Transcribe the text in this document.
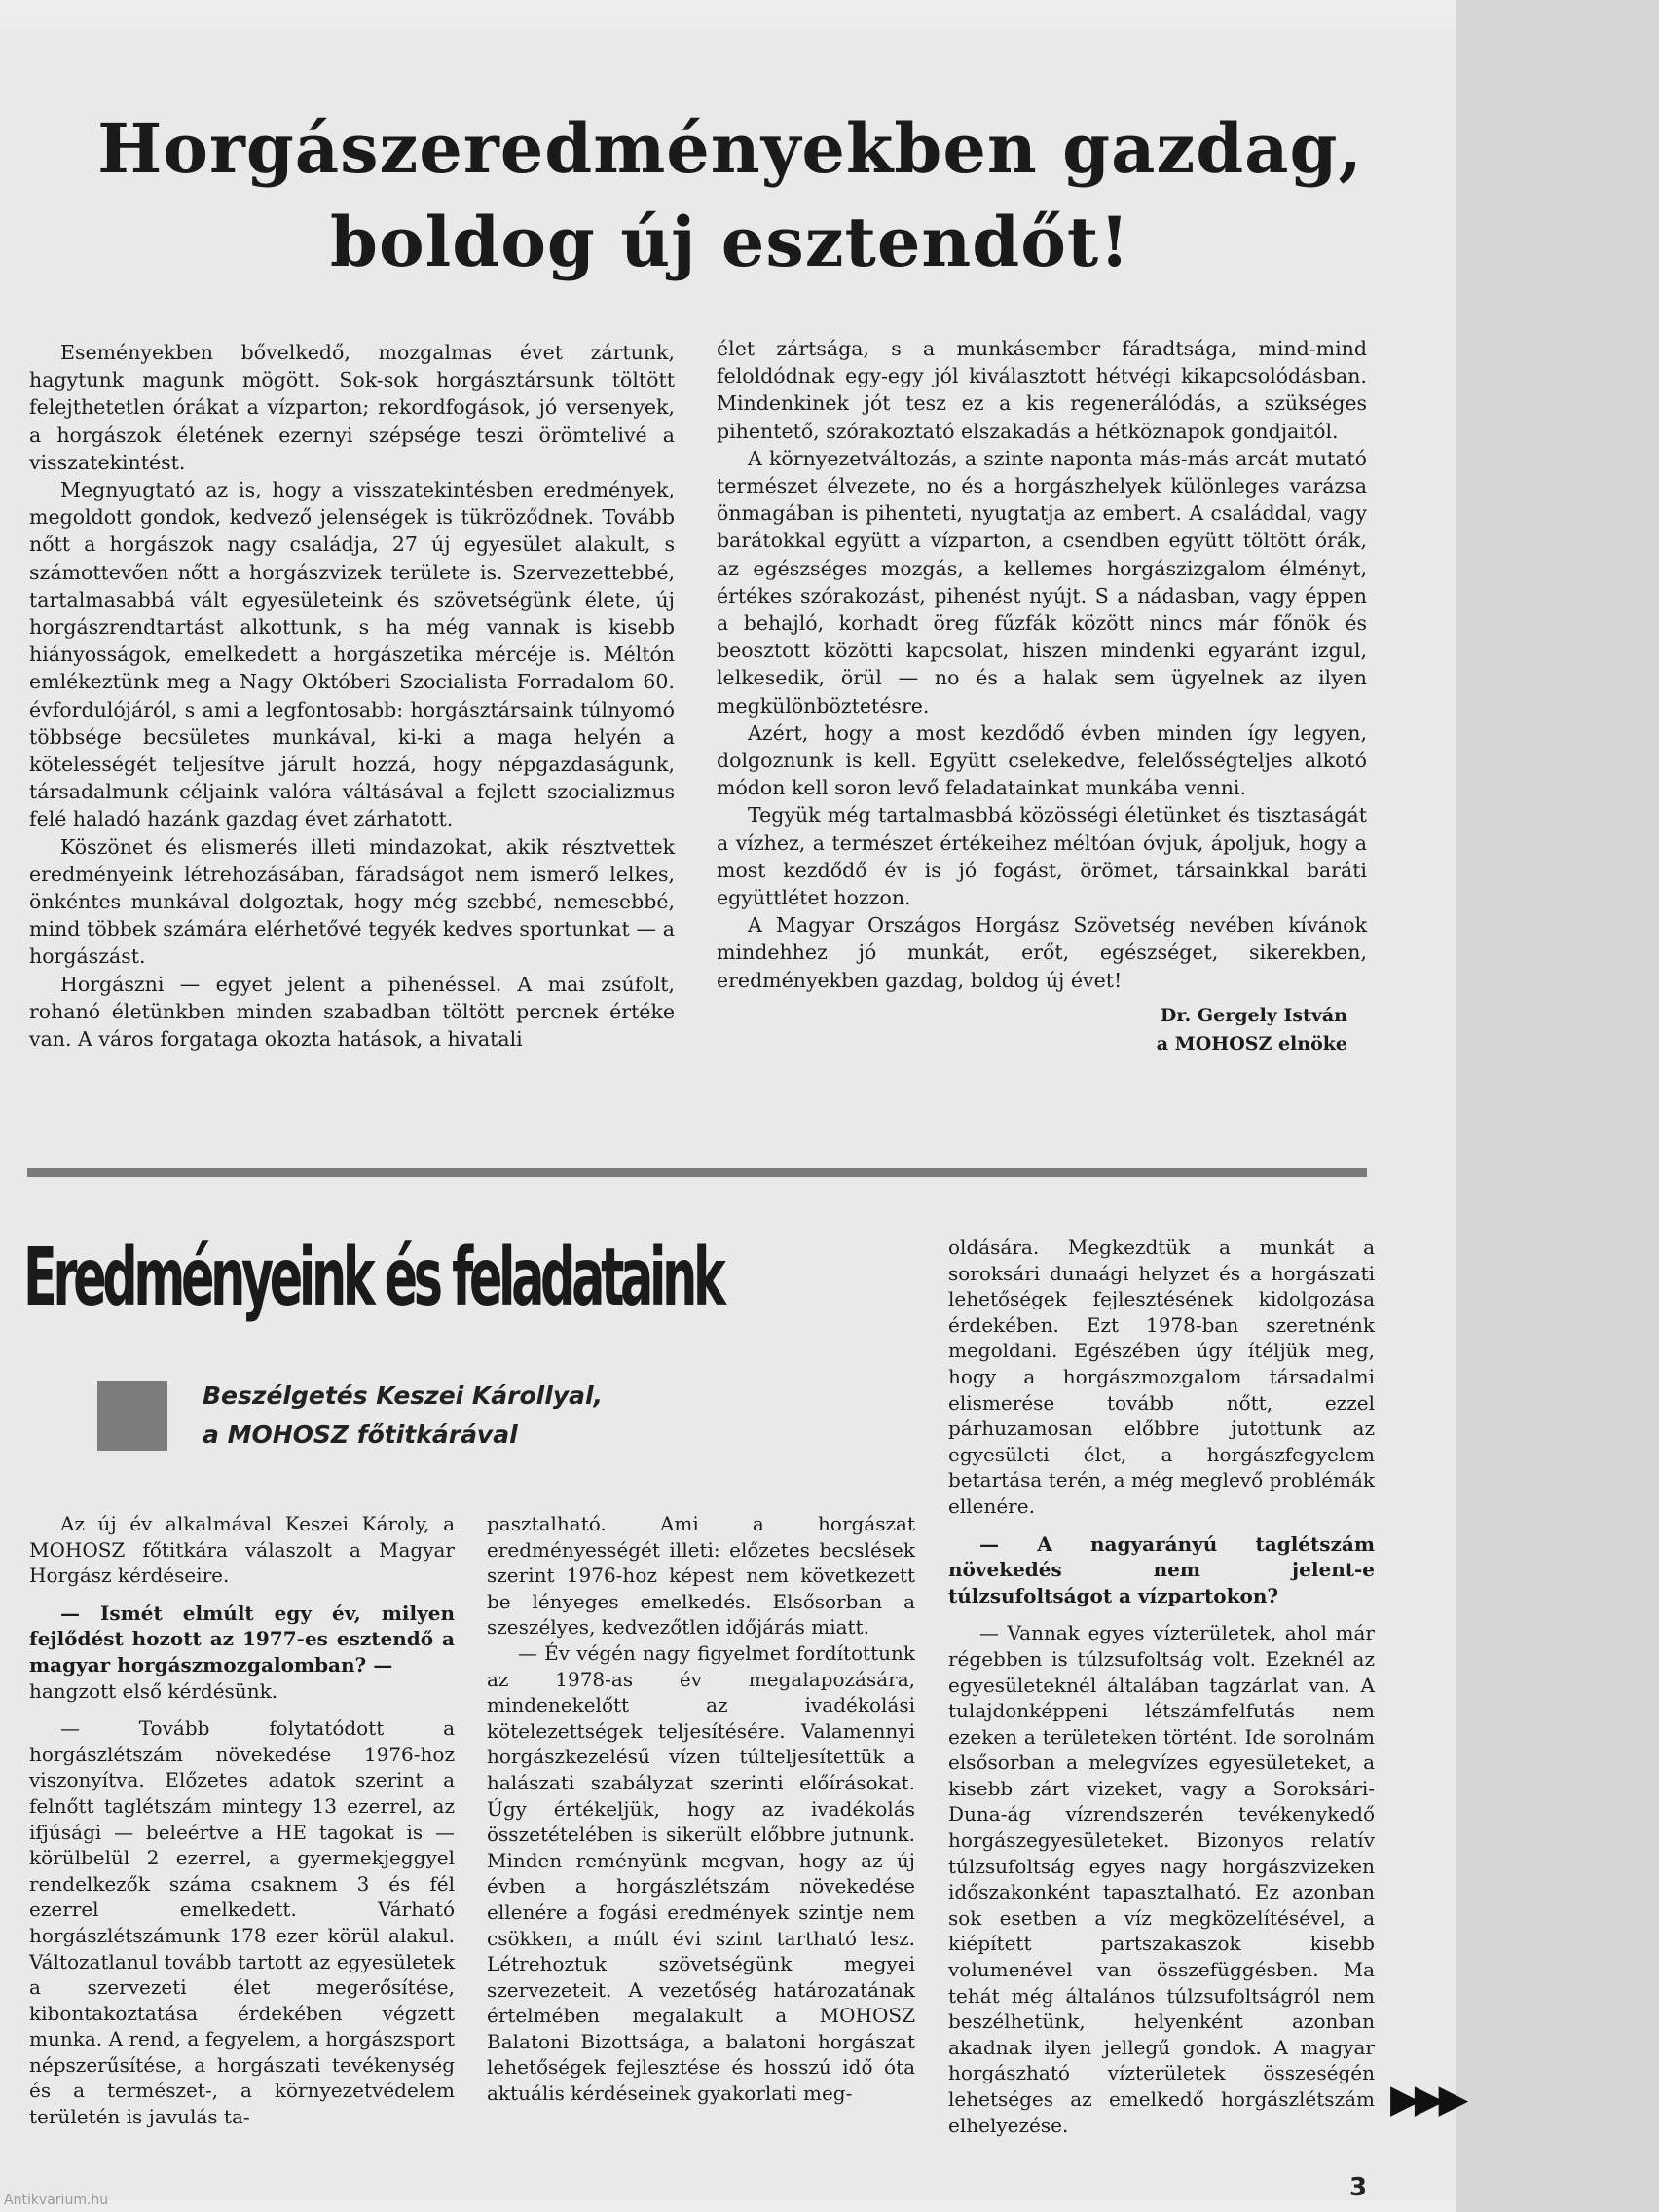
Horgászeredményekben gazdag, boldog új esztendőt!

Eseményekben bővelkedő, mozgalmas évet zártunk, hagytunk magunk mögött. Sok-sok horgásztársunk töltött felejthetetlen órákat a vízparton; rekordfogások, jó versenyek, a horgászok életének ezernyi szépsége teszi örömtelivé a visszatekintést.

Megnyugtató az is, hogy a visszatekintésben eredmények, megoldott gondok, kedvező jelenségek is tükröződnek. Tovább nőtt a horgászok nagy családja, 27 új egyesület alakult, s számottevően nőtt a horgászvizek területe is. Szervezettebbé, tartalmasabbá vált egyesületeink és szövetségünk élete, új horgászrendtartást alkottunk, s ha még vannak is kisebb hiányosságok, emelkedett a horgászetika mércéje is. Méltón emlékeztünk meg a Nagy Októberi Szocialista Forradalom 60. évfordulójáról, s ami a legfontosabb: horgásztársaink túlnyomó többsége becsületes munkával, ki-ki a maga helyén a kötelességét teljesítve járult hozzá, hogy népgazdaságunk, társadalmunk céljaink valóra váltásával a fejlett szocializmus felé haladó hazánk gazdag évet zárhatott.

Köszönet és elismerés illeti mindazokat, akik résztvettek eredményeink létrehozásában, fáradságot nem ismerő lelkes, önkéntes munkával dolgoztak, hogy még szebbé, nemesebbé, mind többek számára elérhetővé tegyék kedves sportunkat — a horgászást.

Horgászni — egyet jelent a pihenéssel. A mai zsúfolt, rohanó életünkben minden szabadban töltött percnek értéke van. A város forgataga okozta hatások, a hivatali

élet zártsága, s a munkásember fáradtsága, mind-mind feloldódnak egy-egy jól kiválasztott hétvégi kikapcsolódásban. Mindenkinek jót tesz ez a kis regenerálódás, a szükséges pihentető, szórakoztató elszakadás a hétköznapok gondjaitól.

A környezetváltozás, a szinte naponta más-más arcát mutató természet élvezete, no és a horgászhelyek különleges varázsa önmagában is pihenteti, nyugtatja az embert. A családdal, vagy barátokkal együtt a vízparton, a csendben együtt töltött órák, az egészséges mozgás, a kellemes horgászizgalom élményt, értékes szórakozást, pihenést nyújt. S a nádasban, vagy éppen a behajló, korhadt öreg fűzfák között nincs már főnök és beosztott közötti kapcsolat, hiszen mindenki egyaránt izgul, lelkesedik, örül — no és a halak sem ügyelnek az ilyen megkülönböztetésre.

Azért, hogy a most kezdődő évben minden így legyen, dolgoznunk is kell. Együtt cselekedve, felelősségteljes alkotó módon kell soron levő feladatainkat munkába venni.

Tegyük még tartalmasbbá közösségi életünket és tisztaságát a vízhez, a természet értékeihez méltóan óvjuk, ápoljuk, hogy a most kezdődő év is jó fogást, örömet, társainkkal baráti együttlétet hozzon.

A Magyar Országos Horgász Szövetség nevében kívánok mindehhez jó munkát, erőt, egészséget, sikerekben, eredményekben gazdag, boldog új évet!

Dr. Gergely István
a MOHOSZ elnöke
Eredményeink és feladataink
Beszélgetés Keszei Károllyal,
a MOHOSZ főtitkárával

Az új év alkalmával Keszei Károly, a MOHOSZ főtitkára válaszolt a Magyar Horgász kérdéseire.

— Ismét elmúlt egy év, milyen fejlődést hozott az 1977-es esztendő a magyar horgászmozgalomban? —

hangzott első kérdésünk.

— Tovább folytatódott a horgászlétszám növekedése 1976-hoz viszonyítva. Előzetes adatok szerint a felnőtt taglétszám mintegy 13 ezerrel, az ifjúsági — beleértve a HE tagokat is — körülbelül 2 ezerrel, a gyermekjeggyel rendelkezők száma csaknem 3 és fél ezerrel emelkedett. Várható horgászlétszámunk 178 ezer körül alakul. Változatlanul tovább tartott az egyesületek a szervezeti élet megerősítése, kibontakoztatása érdekében végzett munka. A rend, a fegyelem, a horgászsport népszerűsítése, a horgászati tevékenység és a természet-, a környezetvédelem területén is javulás ta-

pasztalható. Ami a horgászat eredményességét illeti: előzetes becslések szerint 1976-hoz képest nem következett be lényeges emelkedés. Elsősorban a szeszélyes, kedvezőtlen időjárás miatt.

— Év végén nagy figyelmet fordítottunk az 1978-as év megalapozására, mindenekelőtt az ivadékolási kötelezettségek teljesítésére. Valamennyi horgászkezelésű vízen túlteljesítettük a halászati szabályzat szerinti előírásokat. Úgy értékeljük, hogy az ivadékolás összetételében is sikerült előbbre jutnunk. Minden reményünk megvan, hogy az új évben a horgászlétszám növekedése ellenére a fogási eredmények szintje nem csökken, a múlt évi szint tartható lesz. Létrehoztuk szövetségünk megyei szervezeteit. A vezetőség határozatának értelmében megalakult a MOHOSZ Balatoni Bizottsága, a balatoni horgászat lehetőségek fejlesztése és hosszú idő óta aktuális kérdéseinek gyakorlati meg-

oldására. Megkezdtük a munkát a soroksári dunaági helyzet és a horgászati lehetőségek fejlesztésének kidolgozása érdekében. Ezt 1978-ban szeretnénk megoldani. Egészében úgy ítéljük meg, hogy a horgászmozgalom társadalmi elismerése tovább nőtt, ezzel párhuzamosan előbbre jutottunk az egyesületi élet, a horgászfegyelem betartása terén, a még meglevő problémák ellenére.

— A nagyarányú taglétszám növekedés nem jelent-e túlzsufoltságot a vízpartokon?

— Vannak egyes vízterületek, ahol már régebben is túlzsufoltság volt. Ezeknél az egyesületeknél általában tagzárlat van. A tulajdonképpeni létszámfelfutás nem ezeken a területeken történt. Ide sorolnám elsősorban a melegvízes egyesületeket, a kisebb zárt vizeket, vagy a Soroksári-Duna-ág vízrendszerén tevékenykedő horgászegyesületeket. Bizonyos relatív túlzsufoltság egyes nagy horgászvizeken időszakonként tapasztalható. Ez azonban sok esetben a víz megközelítésével, a kiépített partszakaszok kisebb volumenével van összefüggésben. Ma tehát még általános túlzsufoltságról nem beszélhetünk, helyenként azonban akadnak ilyen jellegű gondok. A magyar horgászható vízterületek összeségén lehetséges az emelkedő horgászlétszám elhelyezése.

▶▶▶
3
Antikvarium.hu
